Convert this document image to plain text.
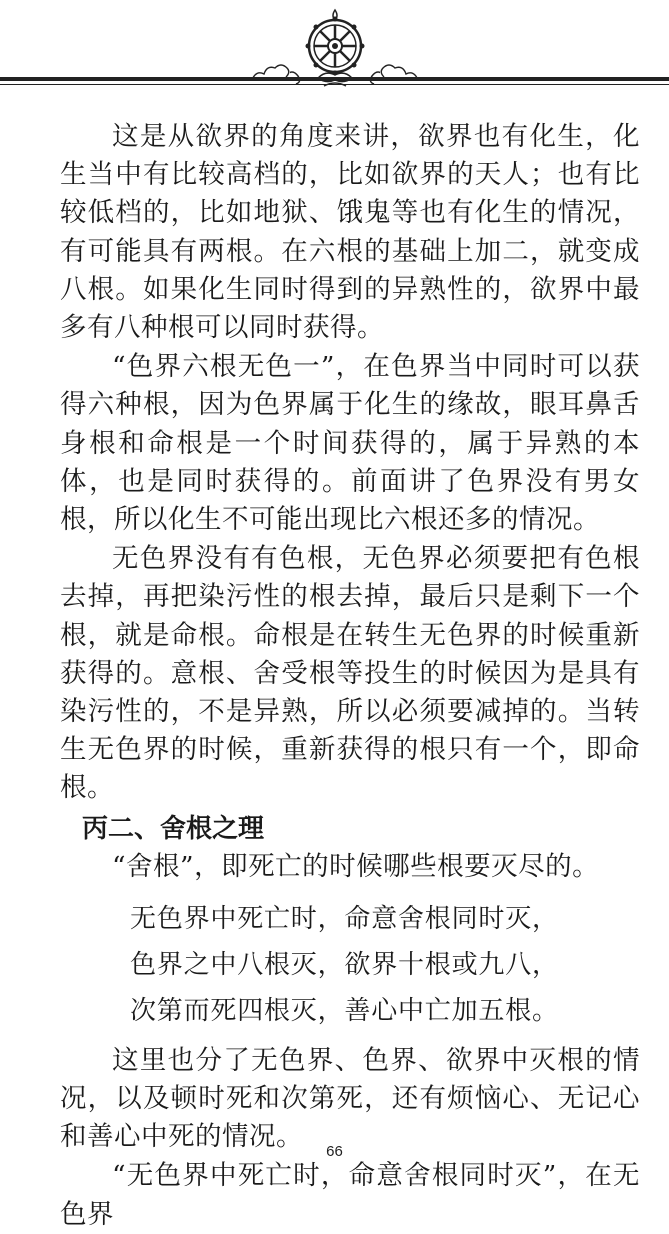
这是从欲界的角度来讲，欲界也有化生，化生当中有比较高档的，比如欲界的天人；也有比较低档的，比如地狱、饿鬼等也有化生的情况，有可能具有两根。在六根的基础上加二，就变成八根。如果化生同时得到的异熟性的，欲界中最多有八种根可以同时获得。

“色界六根无色一”，在色界当中同时可以获得六种根，因为色界属于化生的缘故，眼耳鼻舌身根和命根是一个时间获得的，属于异熟的本体，也是同时获得的。前面讲了色界没有男女根，所以化生不可能出现比六根还多的情况。

无色界没有有色根，无色界必须要把有色根去掉，再把染污性的根去掉，最后只是剩下一个根，就是命根。命根是在转生无色界的时候重新获得的。意根、舍受根等投生的时候因为是具有染污性的，不是异熟，所以必须要减掉的。当转生无色界的时候，重新获得的根只有一个，即命根。

丙二、舍根之理

“舍根”，即死亡的时候哪些根要灭尽的。

无色界中死亡时，命意舍根同时灭，

色界之中八根灭，欲界十根或九八，

次第而死四根灭，善心中亡加五根。

这里也分了无色界、色界、欲界中灭根的情况，以及顿时死和次第死，还有烦恼心、无记心和善心中死的情况。

“无色界中死亡时，命意舍根同时灭”，在无色界

66
